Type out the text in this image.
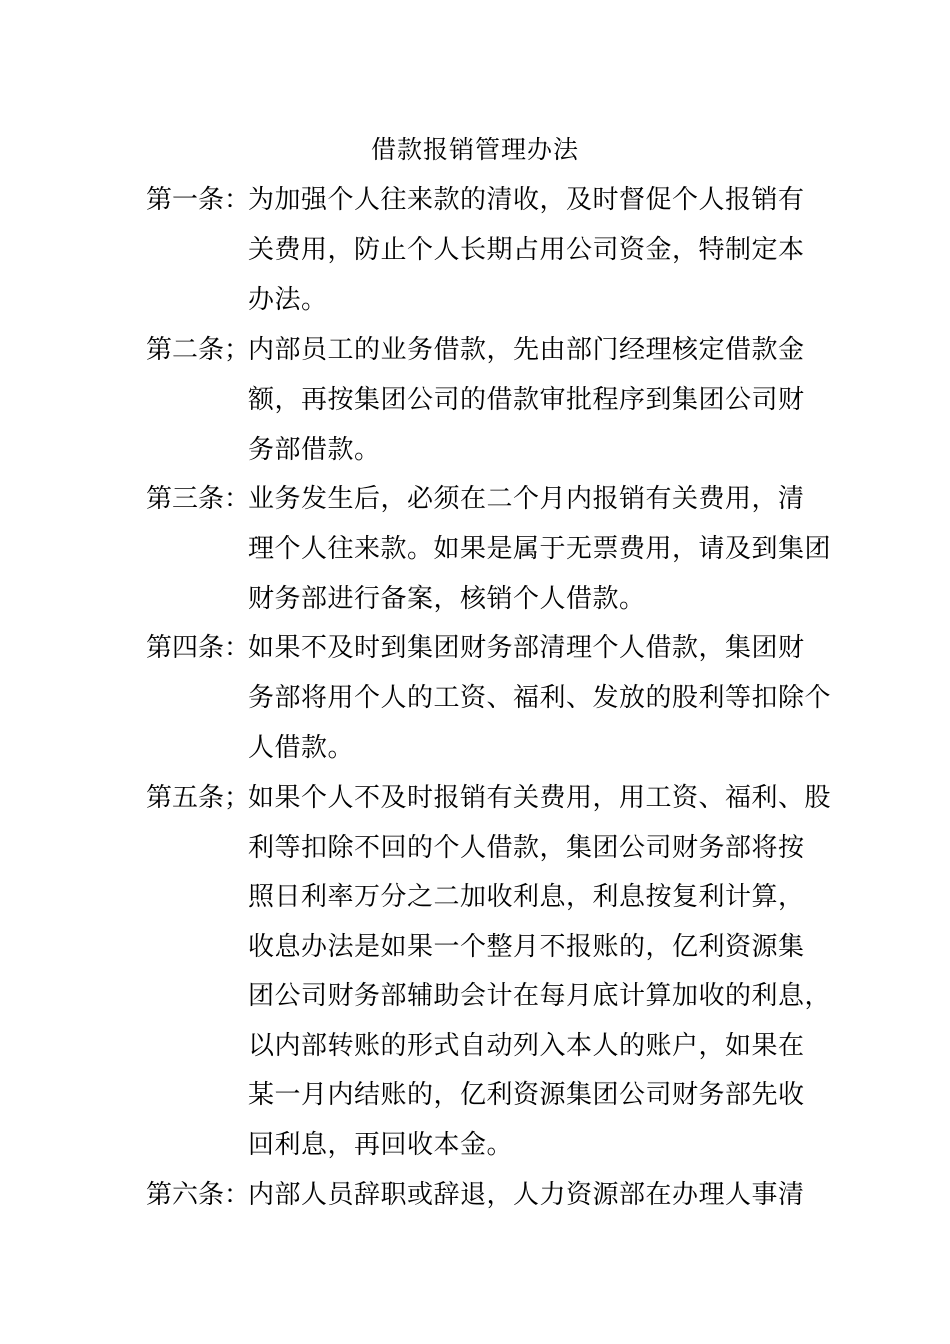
借款报销管理办法
第一条：
为加强个人往来款的清收，及时督促个人报销有
关费用，防止个人长期占用公司资金，特制定本
办法。
第二条；
内部员工的业务借款，先由部门经理核定借款金
额，再按集团公司的借款审批程序到集团公司财
务部借款。
第三条：
业务发生后，必须在二个月内报销有关费用，清
理个人往来款。如果是属于无票费用，请及到集团
财务部进行备案，核销个人借款。
第四条：
如果不及时到集团财务部清理个人借款，集团财
务部将用个人的工资、福利、发放的股利等扣除个
人借款。
第五条；
如果个人不及时报销有关费用，用工资、福利、股
利等扣除不回的个人借款，集团公司财务部将按
照日利率万分之二加收利息，利息按复利计算，
收息办法是如果一个整月不报账的，亿利资源集
团公司财务部辅助会计在每月底计算加收的利息，
以内部转账的形式自动列入本人的账户，如果在
某一月内结账的，亿利资源集团公司财务部先收
回利息，再回收本金。
第六条：
内部人员辞职或辞退，人力资源部在办理人事清
